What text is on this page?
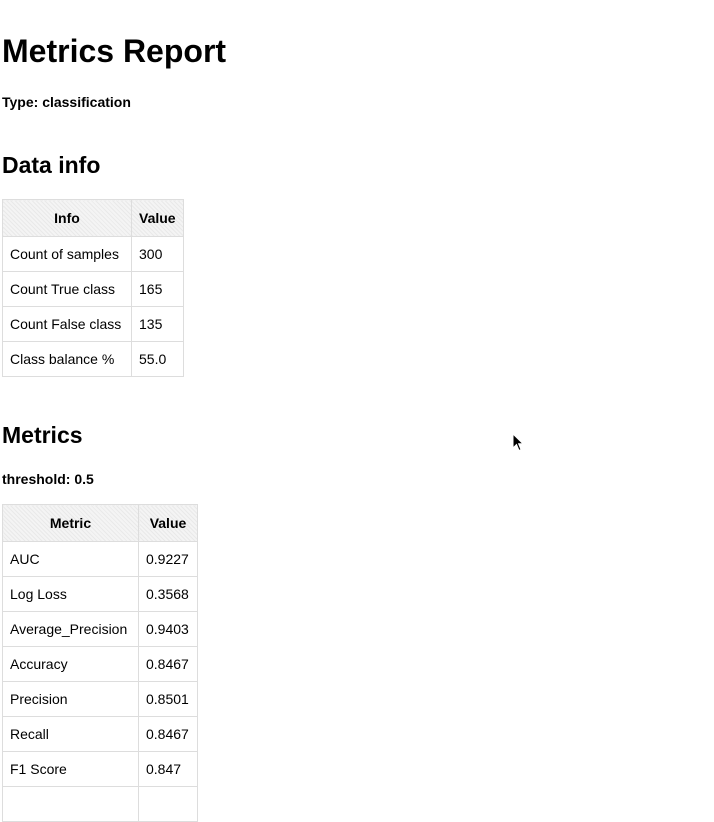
Metrics Report
Type: classification
Data info
Info	Value
Count of samples	300
Count True class	165
Count False class	135
Class balance %	55.0
Metrics
threshold: 0.5
Metric	Value
AUC	0.9227
Log Loss	0.3568
Average_Precision	0.9403
Accuracy	0.8467
Precision	0.8501
Recall	0.8467
F1 Score	0.847
